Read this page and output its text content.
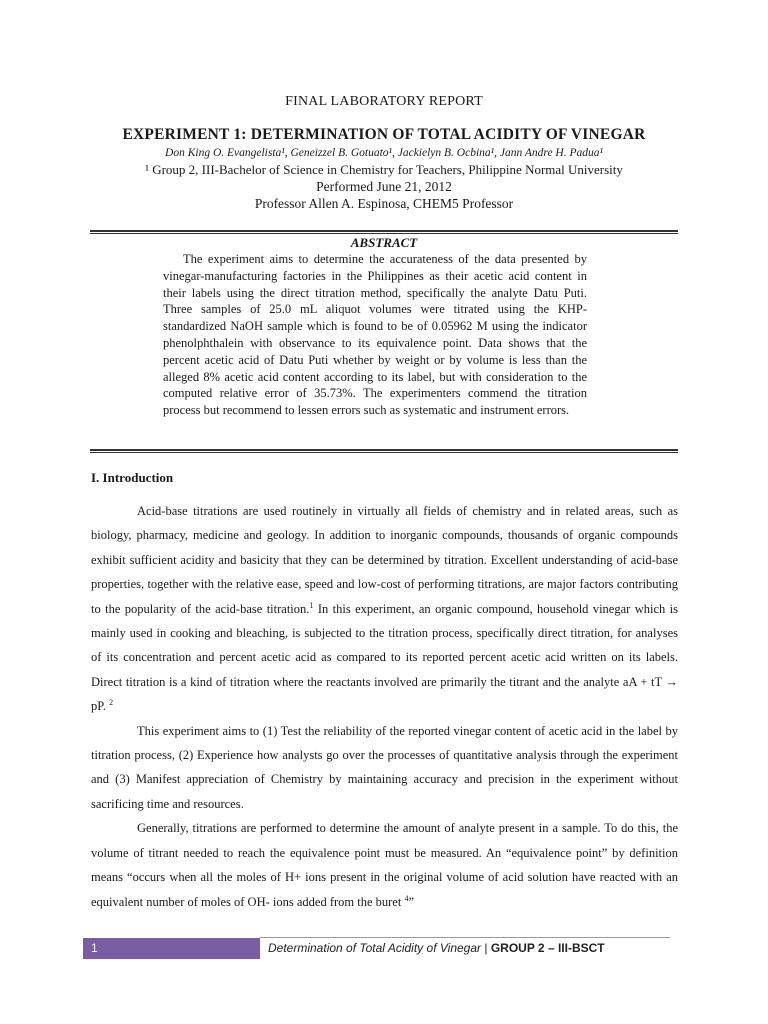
FINAL LABORATORY REPORT
EXPERIMENT 1: DETERMINATION OF TOTAL ACIDITY OF VINEGAR
Don King O. Evangelista¹, Geneizzel B. Gotuato¹, Jackielyn B. Ocbina¹, Jann Andre H. Padua¹
¹ Group 2, III-Bachelor of Science in Chemistry for Teachers, Philippine Normal University
Performed June 21, 2012
Professor Allen A. Espinosa, CHEM5 Professor
ABSTRACT
The experiment aims to determine the accurateness of the data presented by vinegar-manufacturing factories in the Philippines as their acetic acid content in their labels using the direct titration method, specifically the analyte Datu Puti. Three samples of 25.0 mL aliquot volumes were titrated using the KHP-standardized NaOH sample which is found to be of 0.05962 M using the indicator phenolphthalein with observance to its equivalence point. Data shows that the percent acetic acid of Datu Puti whether by weight or by volume is less than the alleged 8% acetic acid content according to its label, but with consideration to the computed relative error of 35.73%. The experimenters commend the titration process but recommend to lessen errors such as systematic and instrument errors.
I. Introduction

Acid-base titrations are used routinely in virtually all fields of chemistry and in related areas, such as biology, pharmacy, medicine and geology. In addition to inorganic compounds, thousands of organic compounds exhibit sufficient acidity and basicity that they can be determined by titration. Excellent understanding of acid-base properties, together with the relative ease, speed and low-cost of performing titrations, are major factors contributing to the popularity of the acid-base titration.$^1$ In this experiment, an organic compound, household vinegar which is mainly used in cooking and bleaching, is subjected to the titration process, specifically direct titration, for analyses of its concentration and percent acetic acid as compared to its reported percent acetic acid written on its labels. Direct titration is a kind of titration where the reactants involved are primarily the titrant and the analyte aA + tT → pP. $^2$

This experiment aims to (1) Test the reliability of the reported vinegar content of acetic acid in the label by titration process, (2) Experience how analysts go over the processes of quantitative analysis through the experiment and (3) Manifest appreciation of Chemistry by maintaining accuracy and precision in the experiment without sacrificing time and resources.

Generally, titrations are performed to determine the amount of analyte present in a sample. To do this, the volume of titrant needed to reach the equivalence point must be measured. An “equivalence point” by definition means “occurs when all the moles of H+ ions present in the original volume of acid solution have reacted with an equivalent number of moles of OH- ions added from the buret $^4$”

1	Determination of Total Acidity of Vinegar | GROUP 2 – III-BSCT
